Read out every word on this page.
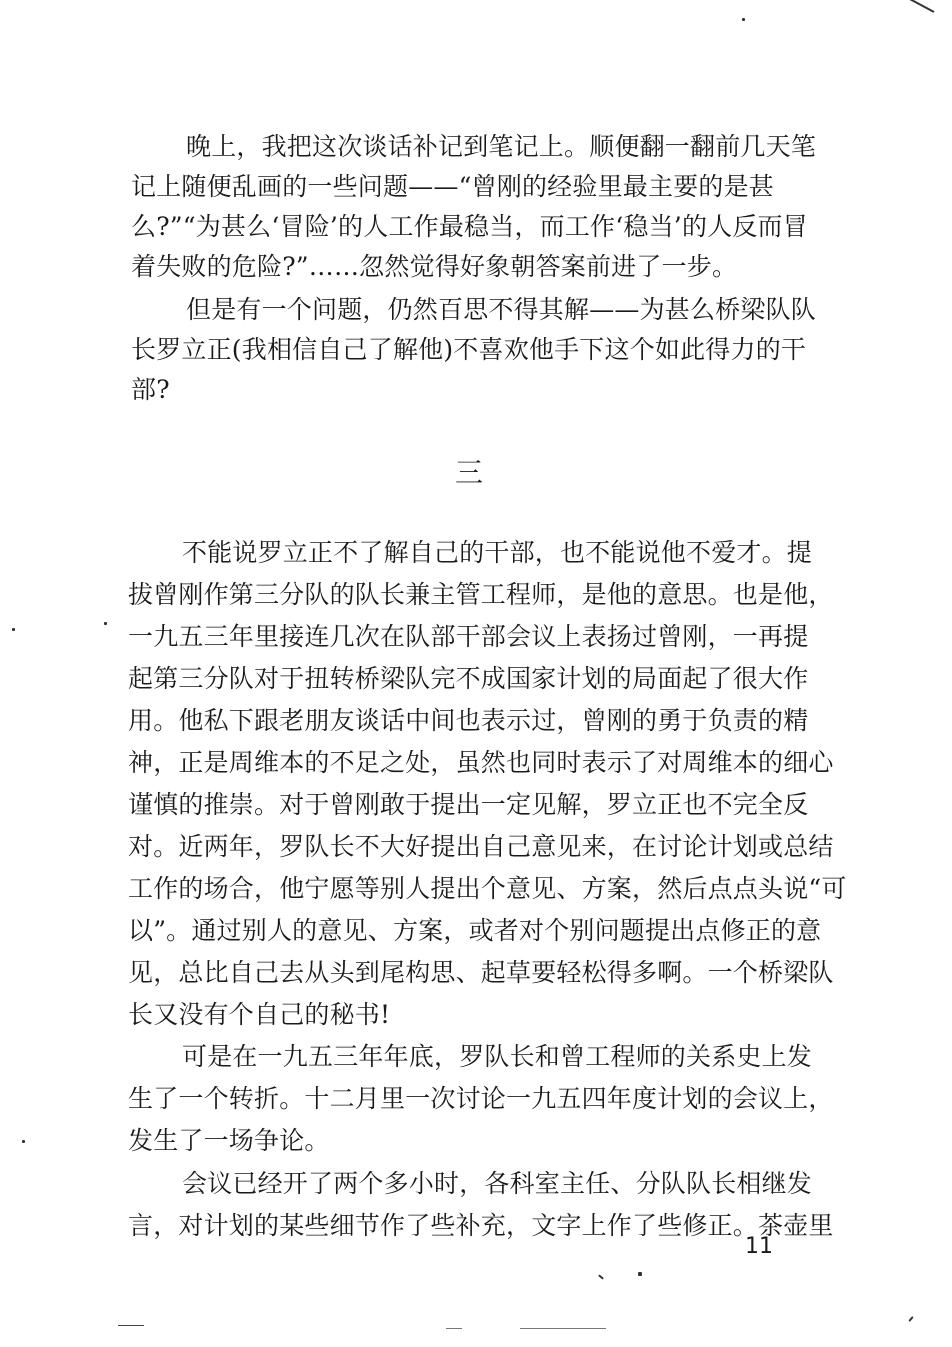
晚上，我把这次谈话补记到笔记上。顺便翻一翻前几天笔
记上随便乱画的一些问题——“曾刚的经验里最主要的是甚
么?”“为甚么‘冒险’的人工作最稳当，而工作‘稳当’的人反而冒
着失败的危险?”……忽然觉得好象朝答案前进了一步。
但是有一个问题，仍然百思不得其解——为甚么桥梁队队
长罗立正(我相信自己了解他)不喜欢他手下这个如此得力的干
部?
三
不能说罗立正不了解自己的干部，也不能说他不爱才。提
拔曾刚作第三分队的队长兼主管工程师，是他的意思。也是他，
一九五三年里接连几次在队部干部会议上表扬过曾刚，一再提
起第三分队对于扭转桥梁队完不成国家计划的局面起了很大作
用。他私下跟老朋友谈话中间也表示过，曾刚的勇于负责的精
神，正是周维本的不足之处，虽然也同时表示了对周维本的细心
谨慎的推崇。对于曾刚敢于提出一定见解，罗立正也不完全反
对。近两年，罗队长不大好提出自己意见来，在讨论计划或总结
工作的场合，他宁愿等别人提出个意见、方案，然后点点头说“可
以”。通过别人的意见、方案，或者对个别问题提出点修正的意
见，总比自己去从头到尾构思、起草要轻松得多啊。一个桥梁队
长又没有个自己的秘书!
可是在一九五三年年底，罗队长和曾工程师的关系史上发
生了一个转折。十二月里一次讨论一九五四年度计划的会议上，
发生了一场争论。
会议已经开了两个多小时，各科室主任、分队队长相继发
言，对计划的某些细节作了些补充，文字上作了些修正。茶壶里
11
